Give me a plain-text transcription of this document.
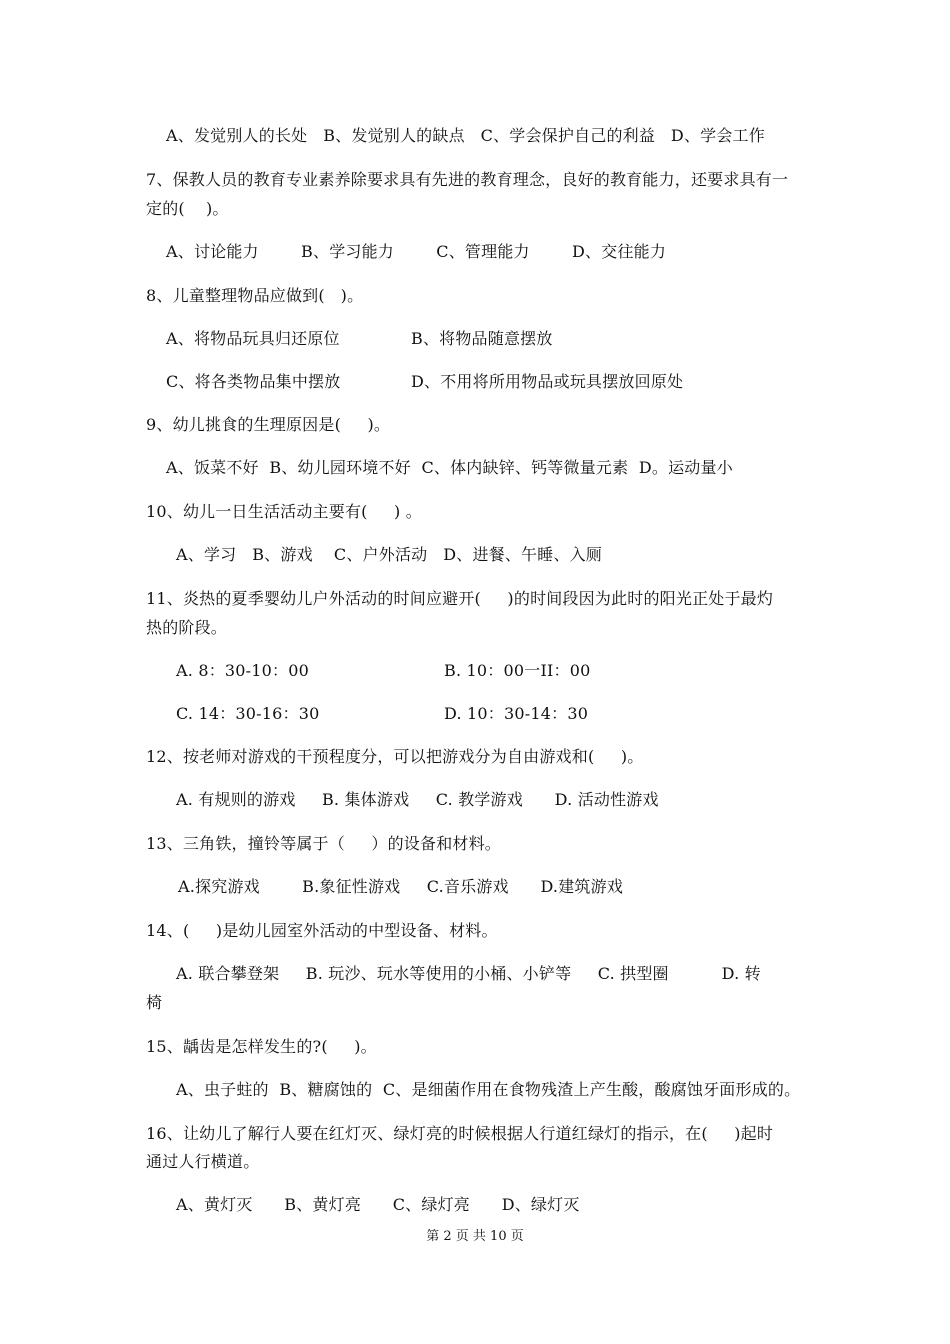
A、发觉别人的长处   B、发觉别人的缺点   C、学会保护自己的利益   D、学会工作
7、保教人员的教育专业素养除要求具有先进的教育理念，良好的教育能力，还要求具有一
定的(    )。
A、讨论能力        B、学习能力        C、管理能力        D、交往能力
8、儿童整理物品应做到(   )。
A、将物品玩具归还原位	B、将物品随意摆放
C、将各类物品集中摆放	D、不用将所用物品或玩具摆放回原处
9、幼儿挑食的生理原因是(     )。
A、饭菜不好  B、幼儿园环境不好  C、体内缺锌、钙等微量元素  D。运动量小
10、幼儿一日生活活动主要有(     ) 。
A、学习   B、游戏    C、户外活动   D、进餐、午睡、入厕
11、炎热的夏季婴幼儿户外活动的时间应避开(     )的时间段因为此时的阳光正处于最灼
热的阶段。
A. 8：30-10：00	B. 10：00一II：00
C. 14：30-16：30	D. 10：30-14：30
12、按老师对游戏的干预程度分，可以把游戏分为自由游戏和(     )。
A. 有规则的游戏     B. 集体游戏     C. 教学游戏      D. 活动性游戏
13、三角铁，撞铃等属于（     ）的设备和材料。
A.探究游戏        B.象征性游戏     C.音乐游戏      D.建筑游戏
14、(     )是幼儿园室外活动的中型设备、材料。
A. 联合攀登架     B. 玩沙、玩水等使用的小桶、小铲等     C. 拱型圈          D. 转
椅
15、龋齿是怎样发生的?(     )。
A、虫子蛀的  B、糖腐蚀的  C、是细菌作用在食物残渣上产生酸，酸腐蚀牙面形成的。
16、让幼儿了解行人要在红灯灭、绿灯亮的时候根据人行道红绿灯的指示，在(     )起时
通过人行横道。
A、黄灯灭      B、黄灯亮      C、绿灯亮      D、绿灯灭
第 2 页 共 10 页
